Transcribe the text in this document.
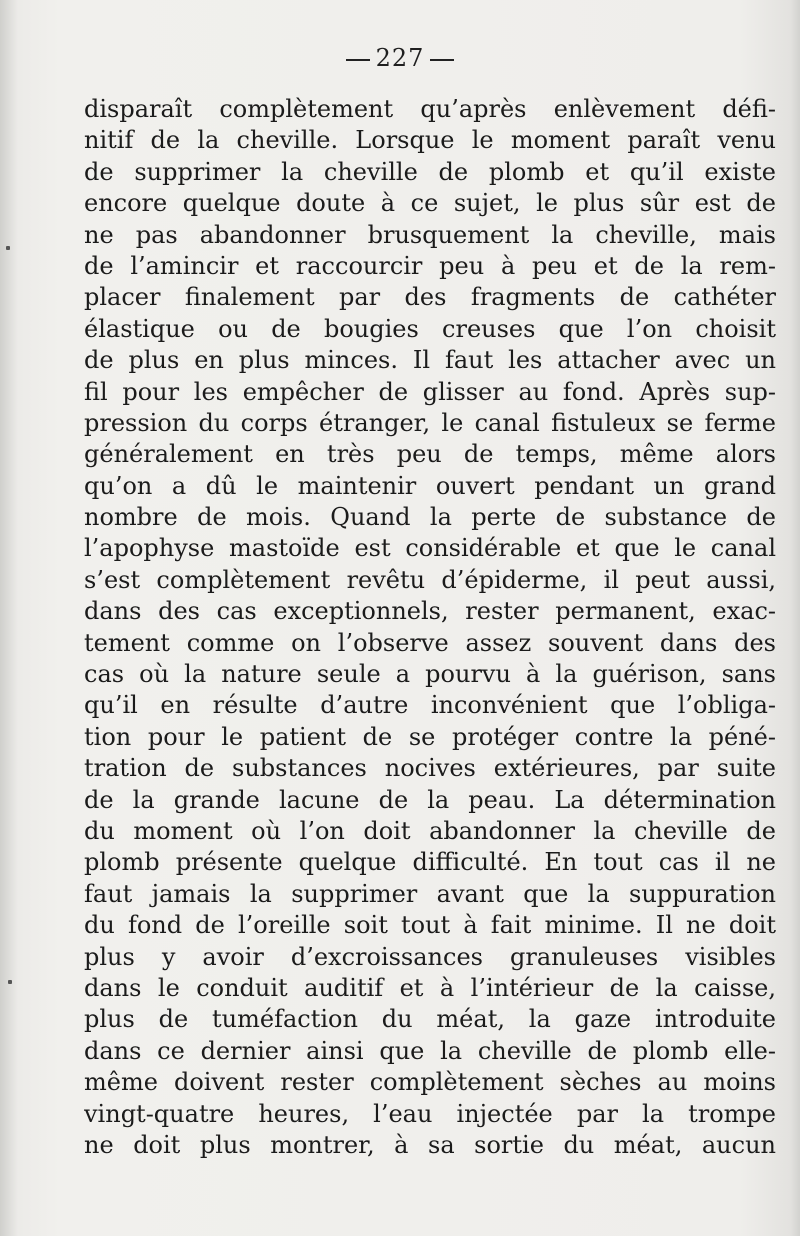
227
disparaît complètement qu’après enlèvement défi-
nitif de la cheville. Lorsque le moment paraît venu
de supprimer la cheville de plomb et qu’il existe
encore quelque doute à ce sujet, le plus sûr est de
ne pas abandonner brusquement la cheville, mais
de l’amincir et raccourcir peu à peu et de la rem-
placer finalement par des fragments de cathéter
élastique ou de bougies creuses que l’on choisit
de plus en plus minces. Il faut les attacher avec un
fil pour les empêcher de glisser au fond. Après sup-
pression du corps étranger, le canal fistuleux se ferme
généralement en très peu de temps, même alors
qu’on a dû le maintenir ouvert pendant un grand
nombre de mois. Quand la perte de substance de
l’apophyse mastoïde est considérable et que le canal
s’est complètement revêtu d’épiderme, il peut aussi,
dans des cas exceptionnels, rester permanent, exac-
tement comme on l’observe assez souvent dans des
cas où la nature seule a pourvu à la guérison, sans
qu’il en résulte d’autre inconvénient que l’obliga-
tion pour le patient de se protéger contre la péné-
tration de substances nocives extérieures, par suite
de la grande lacune de la peau. La détermination
du moment où l’on doit abandonner la cheville de
plomb présente quelque difficulté. En tout cas il ne
faut jamais la supprimer avant que la suppuration
du fond de l’oreille soit tout à fait minime. Il ne doit
plus y avoir d’excroissances granuleuses visibles
dans le conduit auditif et à l’intérieur de la caisse,
plus de tuméfaction du méat, la gaze introduite
dans ce dernier ainsi que la cheville de plomb elle-
même doivent rester complètement sèches au moins
vingt-quatre heures, l’eau injectée par la trompe
ne doit plus montrer, à sa sortie du méat, aucun
